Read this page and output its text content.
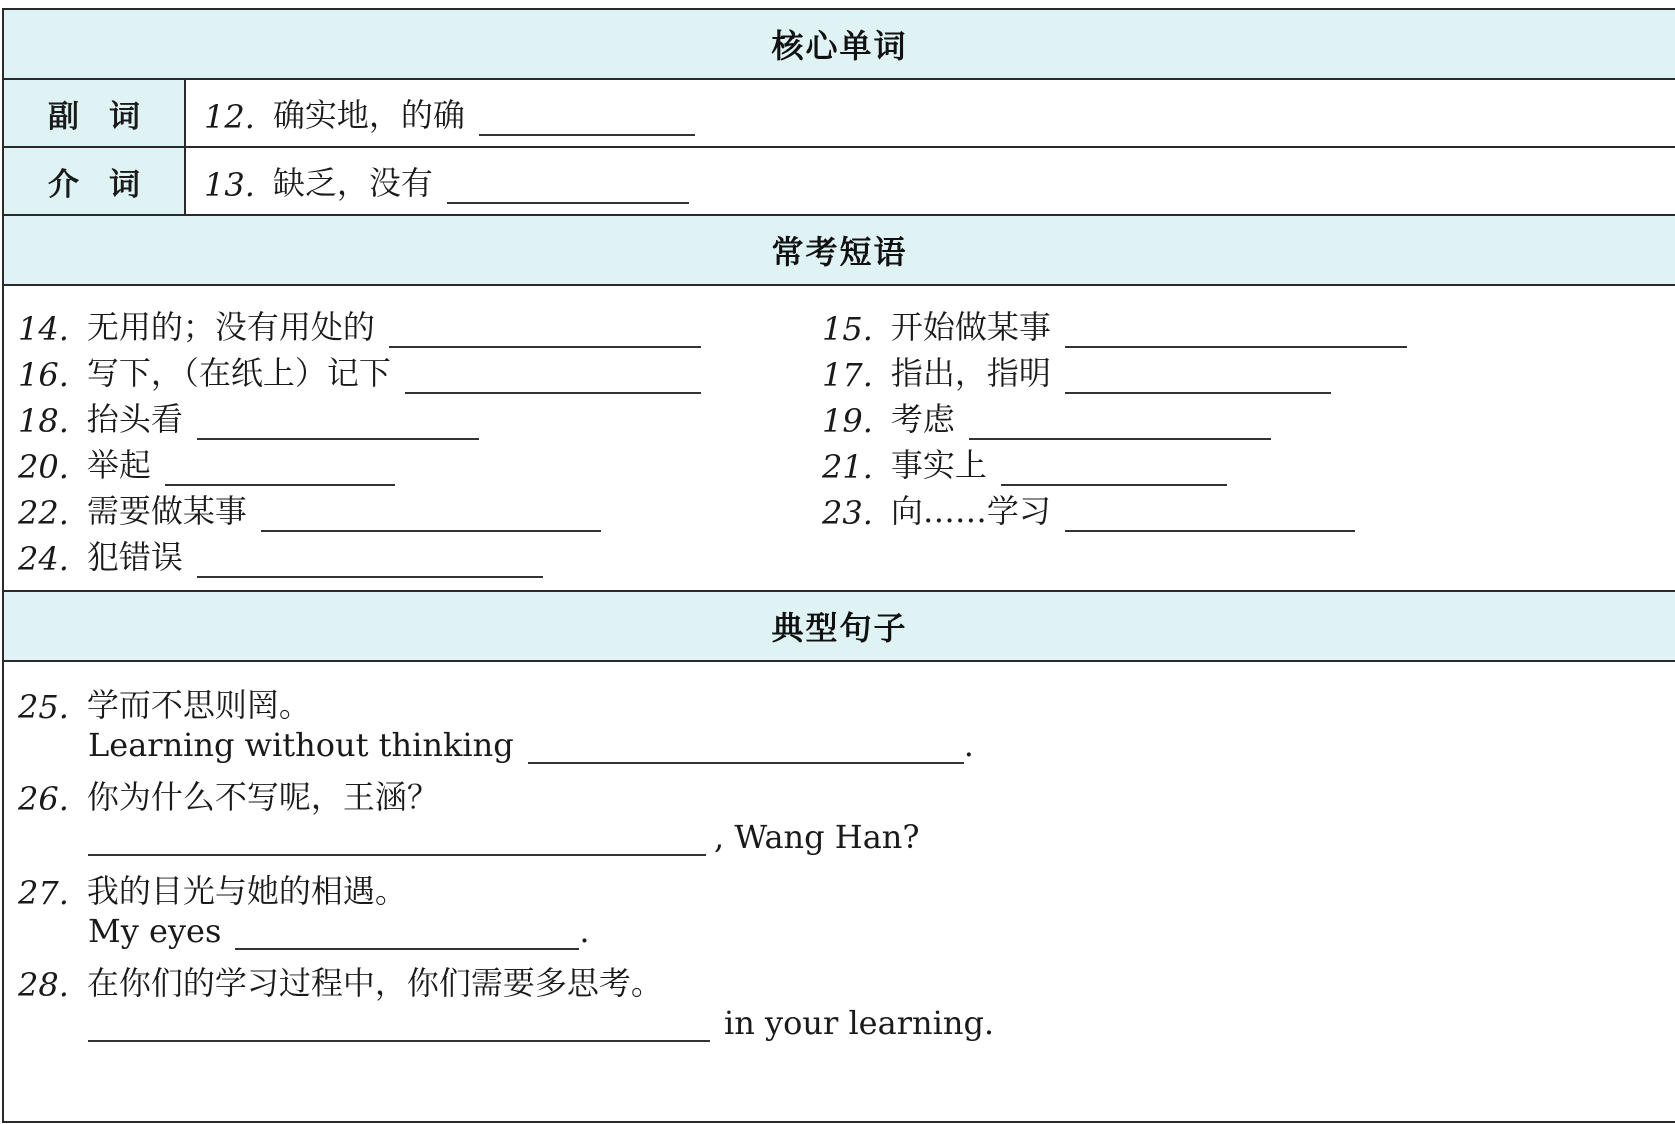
核心单词
副词	12. 确实地，的确
介词	13. 缺乏，没有
常考短语
14. 无用的；没有用处的	15. 开始做某事
16. 写下，（在纸上）记下	17. 指出，指明
18. 抬头看	19. 考虑
20. 举起	21. 事实上
22. 需要做某事	23. 向……学习
24. 犯错误
典型句子
25. 学而不思则罔。
Learning without thinking	.
26. 你为什么不写呢，王涵？
, Wang Han?
27. 我的目光与她的相遇。
My eyes	.
28. 在你们的学习过程中，你们需要多思考。
in your learning.
